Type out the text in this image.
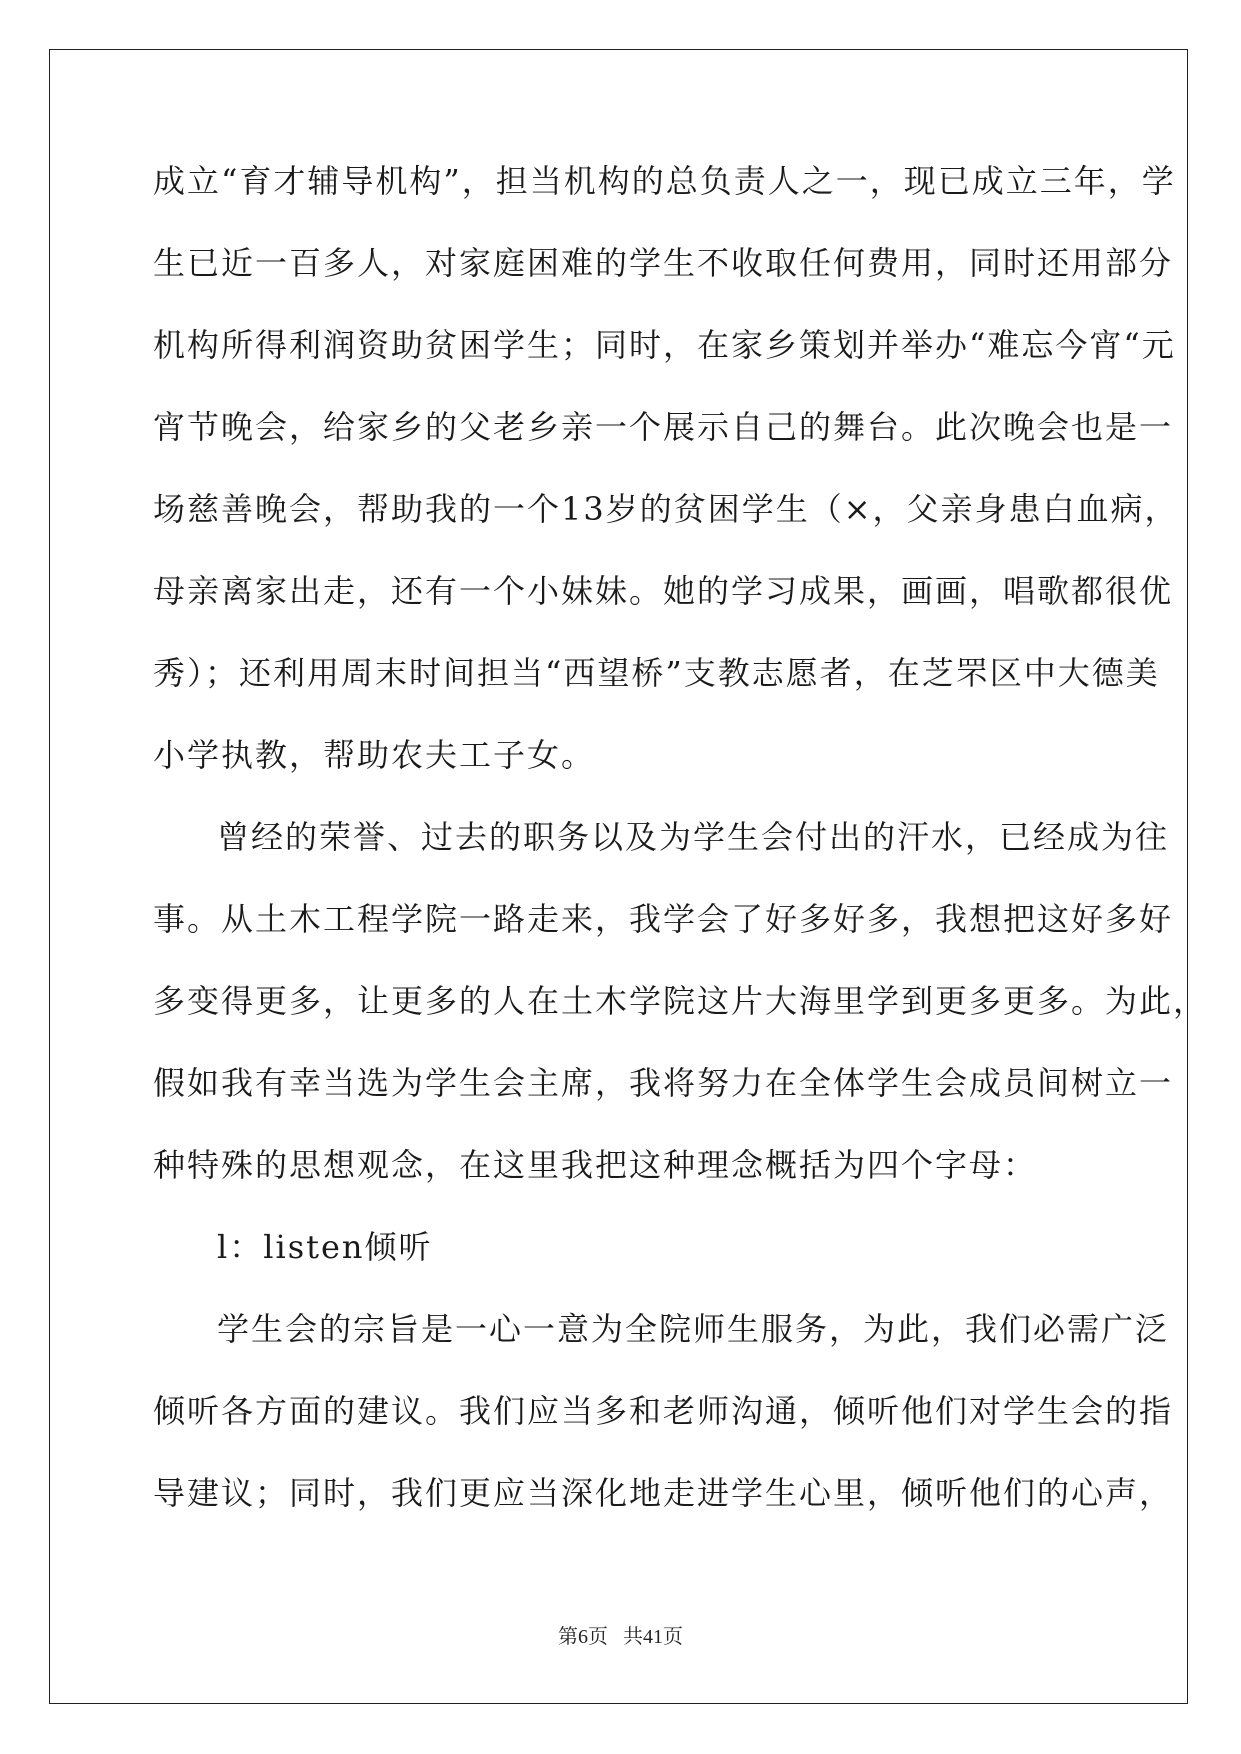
成立“育才辅导机构”，担当机构的总负责人之一，现已成立三年，学
生已近一百多人，对家庭困难的学生不收取任何费用，同时还用部分
机构所得利润资助贫困学生；同时，在家乡策划并举办“难忘今宵“元
宵节晚会，给家乡的父老乡亲一个展示自己的舞台。此次晚会也是一
场慈善晚会，帮助我的一个13岁的贫困学生（×，父亲身患白血病，
母亲离家出走，还有一个小妹妹。她的学习成果，画画，唱歌都很优
秀）；还利用周末时间担当“西望桥”支教志愿者，在芝罘区中大德美
小学执教，帮助农夫工子女。
曾经的荣誉、过去的职务以及为学生会付出的汗水，已经成为往
事。从土木工程学院一路走来，我学会了好多好多，我想把这好多好
多变得更多，让更多的人在土木学院这片大海里学到更多更多。为此，
假如我有幸当选为学生会主席，我将努力在全体学生会成员间树立一
种特殊的思想观念，在这里我把这种理念概括为四个字母：
l：listen倾听
学生会的宗旨是一心一意为全院师生服务，为此，我们必需广泛
倾听各方面的建议。我们应当多和老师沟通，倾听他们对学生会的指
导建议；同时，我们更应当深化地走进学生心里，倾听他们的心声，
第6页 共41页
